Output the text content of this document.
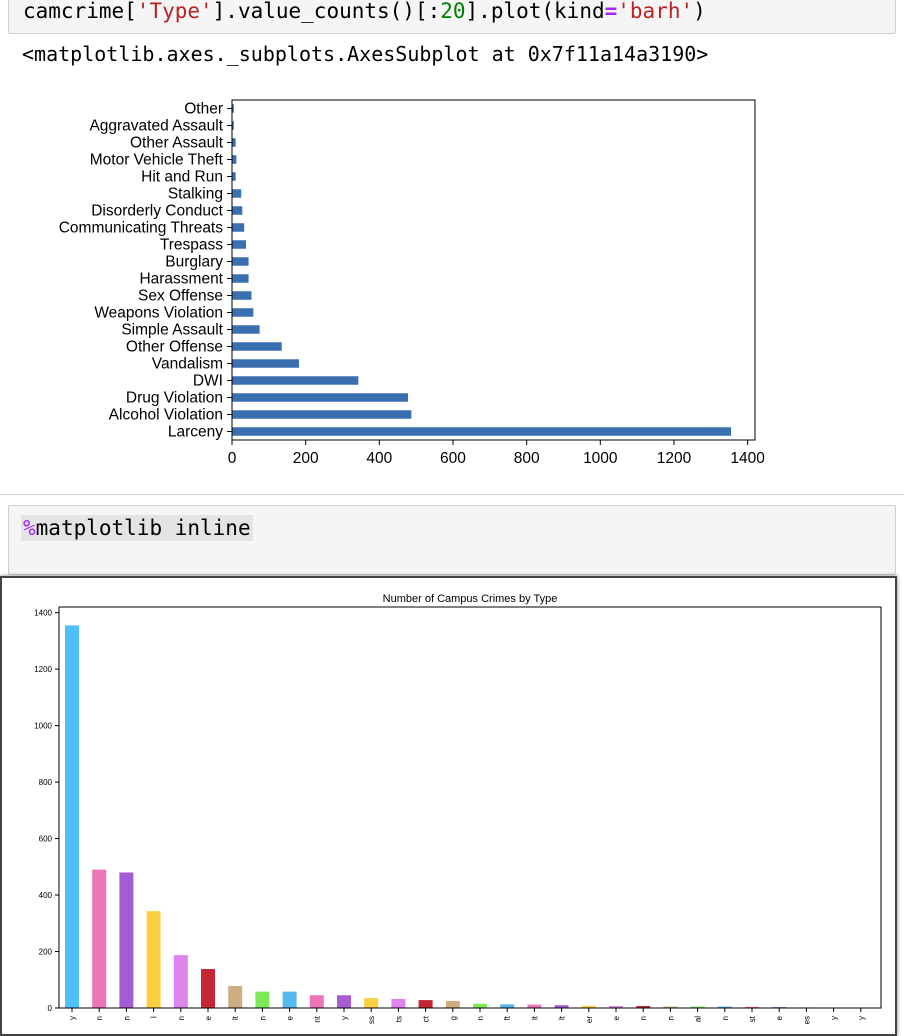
camcrime['Type'].value_counts()[:20].plot(kind='barh')
<matplotlib.axes._subplots.AxesSubplot at 0x7f11a14a3190>
Larceny
Alcohol Violation
Drug Violation
DWI
Vandalism
Other Offense
Simple Assault
Weapons Violation
Sex Offense
Harassment
Burglary
Trespass
Communicating Threats
Disorderly Conduct
Stalking
Hit and Run
Motor Vehicle Theft
Other Assault
Aggravated Assault
Other
0	200	400	600	800	1000	1200	1400
%matplotlib inline
Number of Campus Crimes by Type
y n n I n e lt n e nt y ss ts ct g n ft lt lt er e n n al n st e es y y
0
200
400
600
800
1000
1200
1400
